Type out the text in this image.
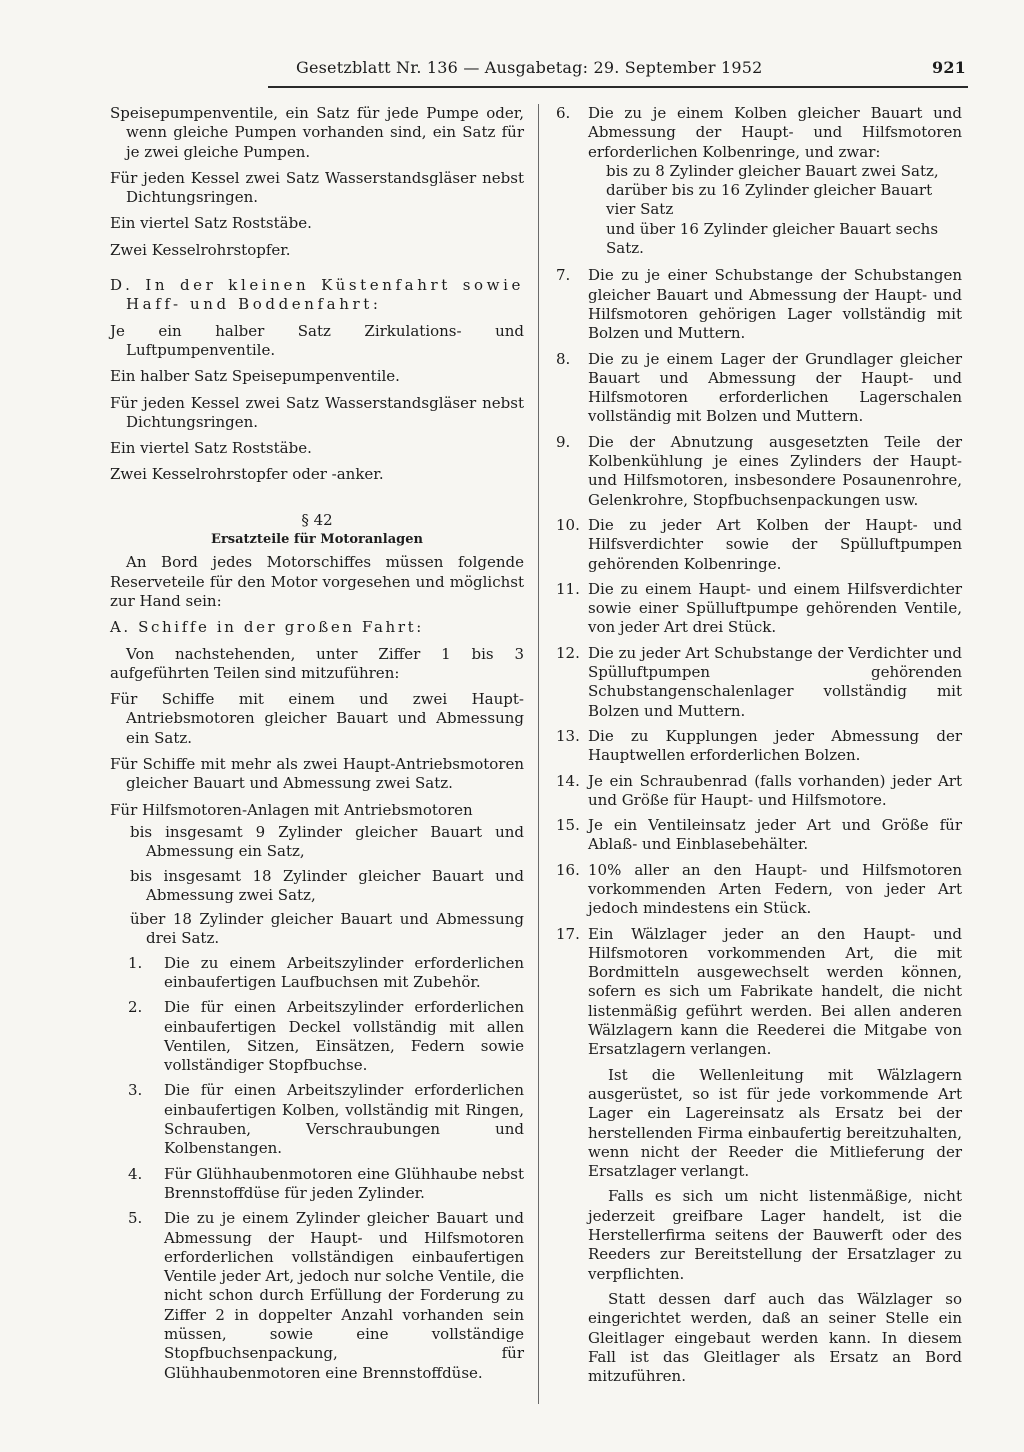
Gesetzblatt Nr. 136 — Ausgabetag: 29. September 1952	921

Speisepumpenventile, ein Satz für jede Pumpe oder, wenn gleiche Pumpen vorhanden sind, ein Satz für je zwei gleiche Pumpen.

Für jeden Kessel zwei Satz Wasserstandsgläser nebst Dichtungsringen.

Ein viertel Satz Roststäbe.

Zwei Kesselrohrstopfer.

D. In der kleinen Küstenfahrt sowie Haff- und Boddenfahrt:

Je ein halber Satz Zirkulations- und Luftpumpenventile.

Ein halber Satz Speisepumpenventile.

Für jeden Kessel zwei Satz Wasserstandsgläser nebst Dichtungsringen.

Ein viertel Satz Roststäbe.

Zwei Kesselrohrstopfer oder -anker.

§ 42

Ersatzteile für Motoranlagen

An Bord jedes Motorschiffes müssen folgende Reserveteile für den Motor vorgesehen und möglichst zur Hand sein:

A. Schiffe in der großen Fahrt:

Von nachstehenden, unter Ziffer 1 bis 3 aufgeführten Teilen sind mitzuführen:

Für Schiffe mit einem und zwei Haupt-Antriebsmotoren gleicher Bauart und Abmessung ein Satz.

Für Schiffe mit mehr als zwei Haupt-Antriebsmotoren gleicher Bauart und Abmessung zwei Satz.

Für Hilfsmotoren-Anlagen mit Antriebsmotoren

bis insgesamt 9 Zylinder gleicher Bauart und Abmessung ein Satz,

bis insgesamt 18 Zylinder gleicher Bauart und Abmessung zwei Satz,

über 18 Zylinder gleicher Bauart und Abmessung drei Satz.

1.	Die zu einem Arbeitszylinder erforderlichen einbaufertigen Laufbuchsen mit Zubehör.
2.	Die für einen Arbeitszylinder erforderlichen einbaufertigen Deckel vollständig mit allen Ventilen, Sitzen, Einsätzen, Federn sowie vollständiger Stopfbuchse.
3.	Die für einen Arbeitszylinder erforderlichen einbaufertigen Kolben, vollständig mit Ringen, Schrauben, Verschraubungen und Kolbenstangen.
4.	Für Glühhaubenmotoren eine Glühhaube nebst Brennstoffdüse für jeden Zylinder.
5.	Die zu je einem Zylinder gleicher Bauart und Abmessung der Haupt- und Hilfsmotoren erforderlichen vollständigen einbaufertigen Ventile jeder Art, jedoch nur solche Ventile, die nicht schon durch Erfüllung der Forderung zu Ziffer 2 in doppelter Anzahl vorhanden sein müssen, sowie eine vollständige Stopfbuchsenpackung, für Glühhaubenmotoren eine Brennstoffdüse.
6.	Die zu je einem Kolben gleicher Bauart und Abmessung der Haupt- und Hilfsmotoren erforderlichen Kolbenringe, und zwar:

bis zu 8 Zylinder gleicher Bauart zwei Satz,

darüber bis zu 16 Zylinder gleicher Bauart vier Satz

und über 16 Zylinder gleicher Bauart sechs Satz.

7.	Die zu je einer Schubstange der Schubstangen gleicher Bauart und Abmessung der Haupt- und Hilfsmotoren gehörigen Lager vollständig mit Bolzen und Muttern.
8.	Die zu je einem Lager der Grundlager gleicher Bauart und Abmessung der Haupt- und Hilfsmotoren erforderlichen Lagerschalen vollständig mit Bolzen und Muttern.
9.	Die der Abnutzung ausgesetzten Teile der Kolbenkühlung je eines Zylinders der Haupt- und Hilfsmotoren, insbesondere Posaunenrohre, Gelenkrohre, Stopfbuchsenpackungen usw.
10. Die zu jeder Art Kolben der Haupt- und Hilfsverdichter sowie der Spülluftpumpen gehörenden Kolbenringe.
11. Die zu einem Haupt- und einem Hilfsverdichter sowie einer Spülluftpumpe gehörenden Ventile, von jeder Art drei Stück.
12. Die zu jeder Art Schubstange der Verdichter und Spülluftpumpen gehörenden Schubstangenschalenlager vollständig mit Bolzen und Muttern.
13. Die zu Kupplungen jeder Abmessung der Hauptwellen erforderlichen Bolzen.
14. Je ein Schraubenrad (falls vorhanden) jeder Art und Größe für Haupt- und Hilfsmotore.
15. Je ein Ventileinsatz jeder Art und Größe für Ablaß- und Einblasebehälter.
16. 10% aller an den Haupt- und Hilfsmotoren vorkommenden Arten Federn, von jeder Art jedoch mindestens ein Stück.
17. Ein Wälzlager jeder an den Haupt- und Hilfsmotoren vorkommenden Art, die mit Bordmitteln ausgewechselt werden können, sofern es sich um Fabrikate handelt, die nicht listenmäßig geführt werden. Bei allen anderen Wälzlagern kann die Reederei die Mitgabe von Ersatzlagern verlangen.

Ist die Wellenleitung mit Wälzlagern ausgerüstet, so ist für jede vorkommende Art Lager ein Lagereinsatz als Ersatz bei der herstellenden Firma einbaufertig bereitzuhalten, wenn nicht der Reeder die Mitlieferung der Ersatzlager verlangt.

Falls es sich um nicht listenmäßige, nicht jederzeit greifbare Lager handelt, ist die Herstellerfirma seitens der Bauwerft oder des Reeders zur Bereitstellung der Ersatzlager zu verpflichten.

Statt dessen darf auch das Wälzlager so eingerichtet werden, daß an seiner Stelle ein Gleitlager eingebaut werden kann. In diesem Fall ist das Gleitlager als Ersatz an Bord mitzuführen.
